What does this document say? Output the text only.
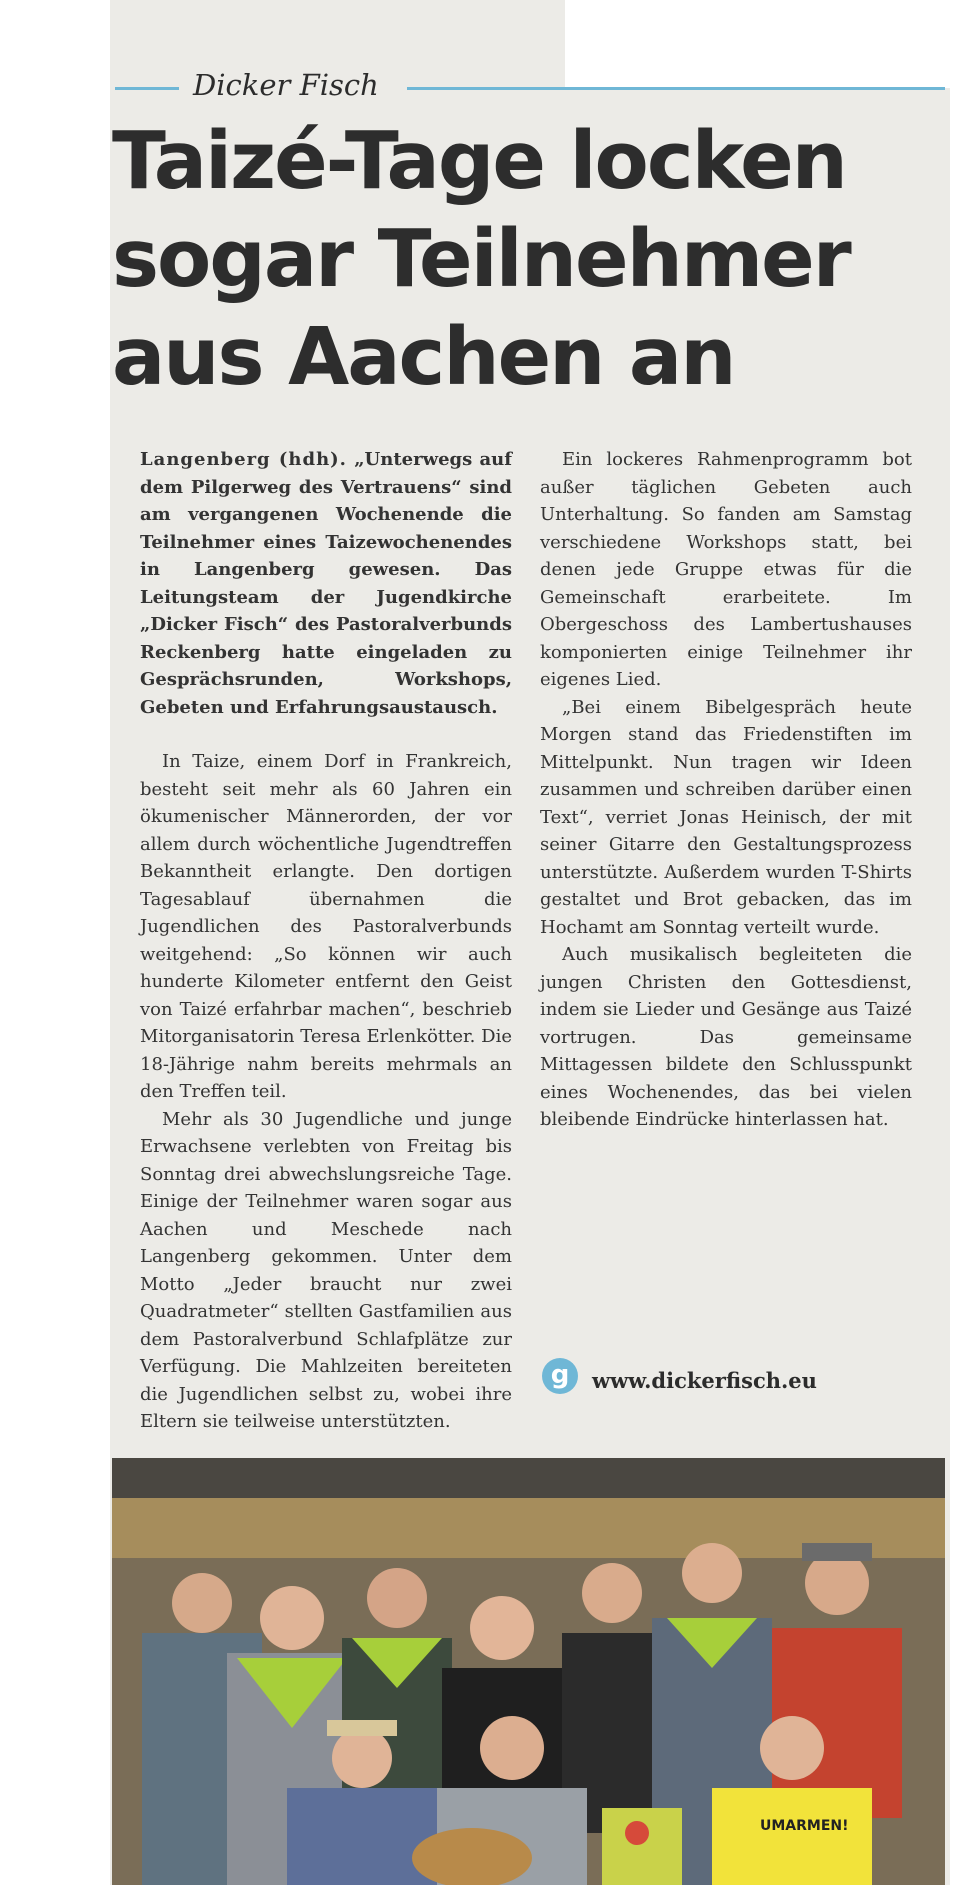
Dicker Fisch
Taizé-Tage locken
sogar Teilnehmer
aus Aachen an

Langenberg (hdh). „Unterwegs auf dem Pilgerweg des Vertrauens“ sind am vergangenen Wochenende die Teilnehmer eines Taizewochenendes in Langenberg gewesen. Das Leitungsteam der Jugendkirche „Dicker Fisch“ des Pastoralverbunds Reckenberg hatte eingeladen zu Gesprächsrunden, Workshops, Gebeten und Erfahrungsaustausch.

In Taize, einem Dorf in Frankreich, besteht seit mehr als 60 Jahren ein ökumenischer Männerorden, der vor allem durch wöchentliche Jugendtreffen Bekanntheit erlangte. Den dortigen Tagesablauf übernahmen die Jugendlichen des Pastoralverbunds weitgehend: „So können wir auch hunderte Kilometer entfernt den Geist von Taizé erfahrbar machen“, beschrieb Mitorganisatorin Teresa Erlenkötter. Die 18-Jährige nahm bereits mehrmals an den Treffen teil.

Mehr als 30 Jugendliche und junge Erwachsene verlebten von Freitag bis Sonntag drei abwechslungsreiche Tage. Einige der Teilnehmer waren sogar aus Aachen und Meschede nach Langenberg gekommen. Unter dem Motto „Jeder braucht nur zwei Quadratmeter“ stellten Gastfamilien aus dem Pastoralverbund Schlafplätze zur Verfügung. Die Mahlzeiten bereiteten die Jugendlichen selbst zu, wobei ihre Eltern sie teilweise unterstützten.

Ein lockeres Rahmenprogramm bot außer täglichen Gebeten auch Unterhaltung. So fanden am Samstag verschiedene Workshops statt, bei denen jede Gruppe etwas für die Gemeinschaft erarbeitete. Im Obergeschoss des Lambertushauses komponierten einige Teilnehmer ihr eigenes Lied.

„Bei einem Bibelgespräch heute Morgen stand das Friedenstiften im Mittelpunkt. Nun tragen wir Ideen zusammen und schreiben darüber einen Text“, verriet Jonas Heinisch, der mit seiner Gitarre den Gestaltungsprozess unterstützte. Außerdem wurden T-Shirts gestaltet und Brot gebacken, das im Hochamt am Sonntag verteilt wurde.

Auch musikalisch begleiteten die jungen Christen den Gottesdienst, indem sie Lieder und Gesänge aus Taizé vortrugen. Das gemeinsame Mittagessen bildete den Schlusspunkt eines Wochenendes, das bei vielen bleibende Eindrücke hinterlassen hat.

g	www.dickerfisch.eu
UMARMEN!
